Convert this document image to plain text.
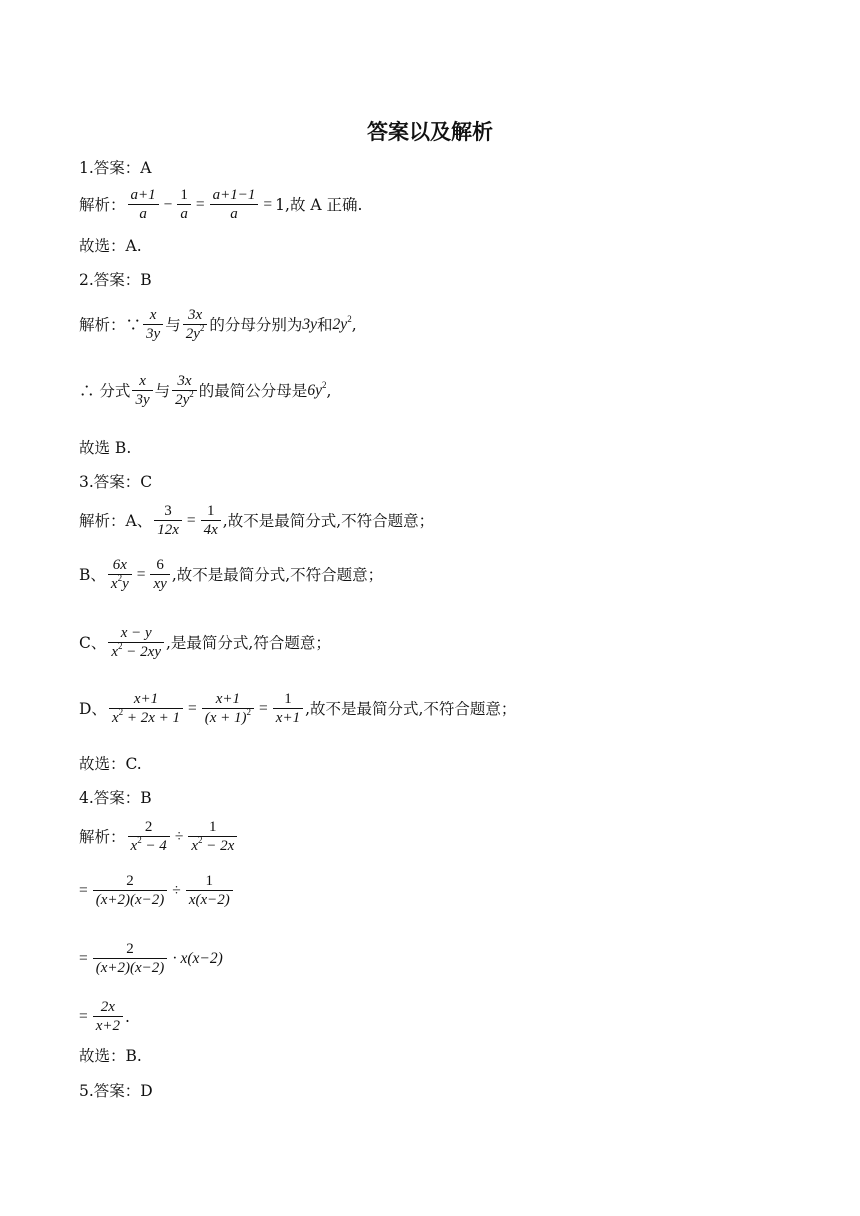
答案以及解析
1.答案：A
解析： $\frac{a+1}{a} - \frac{1}{a} = \frac{a+1-1}{a} = 1$ ,故 A 正确.
故选：A.
2.答案：B
解析：∵ $\frac{x}{3y}$ 与 $\frac{3x}{2y^2}$ 的分母分别为 3y 和 $2y^2$ ,
∴ 分式 $\frac{x}{3y}$ 与 $\frac{3x}{2y^2}$ 的最简公分母是 $6y^2$ ,
故选 B.
3.答案：C
解析：A、 $\frac{3}{12x} = \frac{1}{4x}$ ,故不是最简分式,不符合题意；
B、 $\frac{6x}{x^2y} = \frac{6}{xy}$ ,故不是最简分式,不符合题意；
C、 $\frac{x - y}{x^2 - 2xy}$ ,是最简分式,符合题意；
D、 $\frac{x+1}{x^2 + 2x + 1} = \frac{x+1}{(x + 1)^2} = \frac{1}{x+1}$ ,故不是最简分式,不符合题意；
故选：C.
4.答案：B
解析： $\frac{2}{x^2 - 4} \div \frac{1}{x^2 - 2x}$
= $\frac{2}{(x+2)(x-2)} \div \frac{1}{x(x-2)}$
= $\frac{2}{(x+2)(x-2)} \cdot x(x-2)$
= $\frac{2x}{x+2}$ .
故选：B.
5.答案：D
